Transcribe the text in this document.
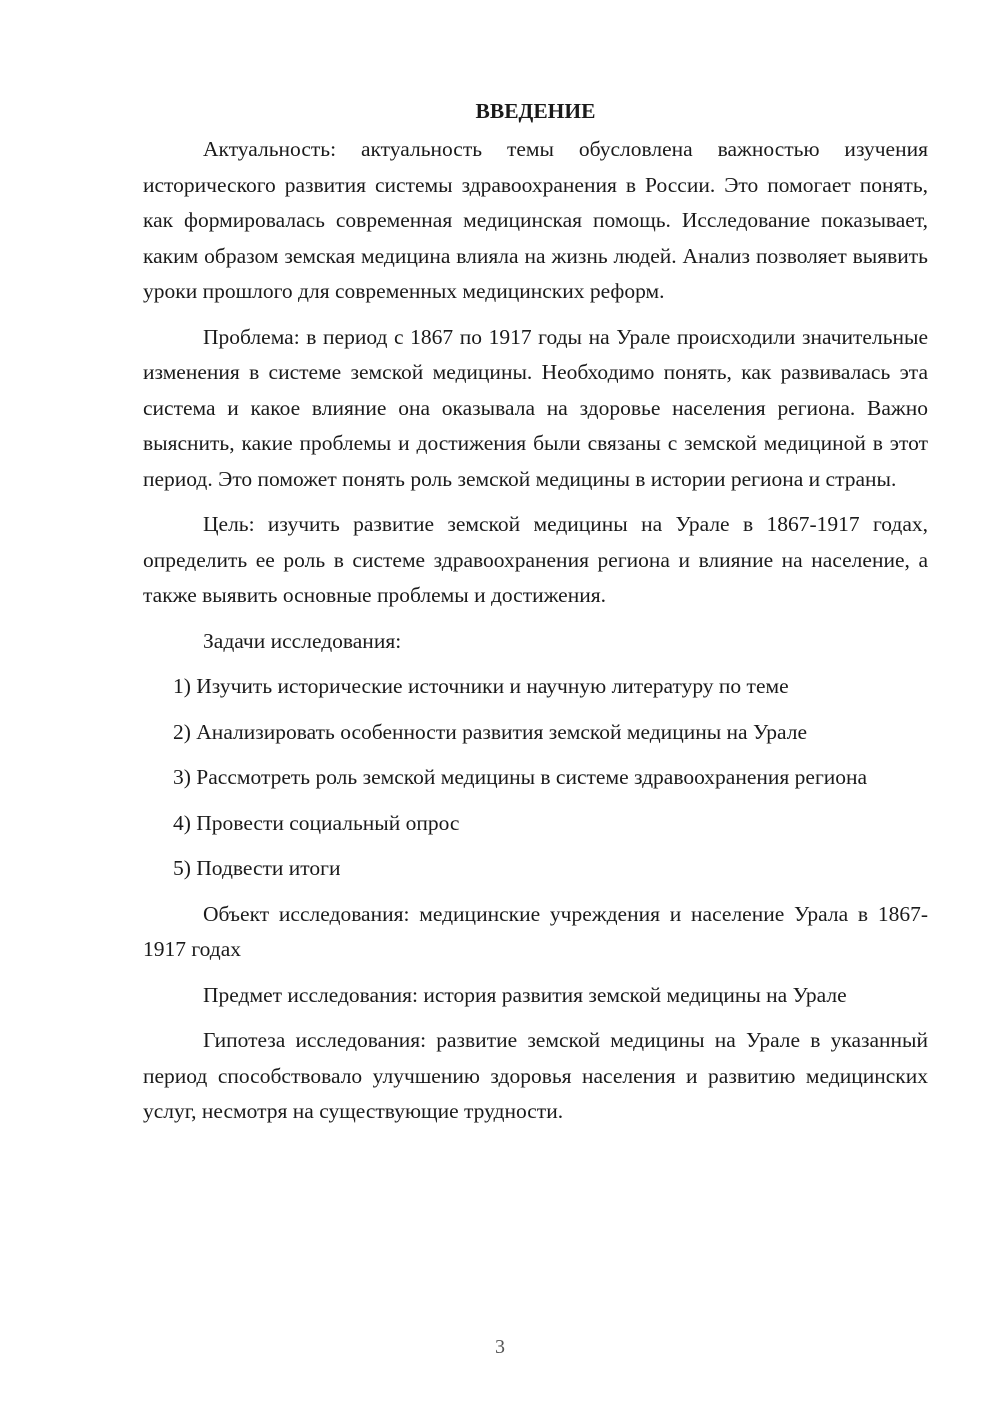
ВВЕДЕНИЕ

Актуальность: актуальность темы обусловлена важностью изучения исторического развития системы здравоохранения в России. Это помогает понять, как формировалась современная медицинская помощь. Исследование показывает, каким образом земская медицина влияла на жизнь людей. Анализ позволяет выявить уроки прошлого для современных медицинских реформ.

Проблема: в период с 1867 по 1917 годы на Урале происходили значительные изменения в системе земской медицины. Необходимо понять, как развивалась эта система и какое влияние она оказывала на здоровье населения региона. Важно выяснить, какие проблемы и достижения были связаны с земской медициной в этот период. Это поможет понять роль земской медицины в истории региона и страны.

Цель: изучить развитие земской медицины на Урале в 1867-1917 годах, определить ее роль в системе здравоохранения региона и влияние на население, а также выявить основные проблемы и достижения.

Задачи исследования:

1) Изучить исторические источники и научную литературу по теме

2) Анализировать особенности развития земской медицины на Урале

3) Рассмотреть роль земской медицины в системе здравоохранения региона

4) Провести социальный опрос

5) Подвести итоги

Объект исследования: медицинские учреждения и население Урала в 1867-1917 годах

Предмет исследования: история развития земской медицины на Урале

Гипотеза исследования: развитие земской медицины на Урале в указанный период способствовало улучшению здоровья населения и развитию медицинских услуг, несмотря на существующие трудности.

3
